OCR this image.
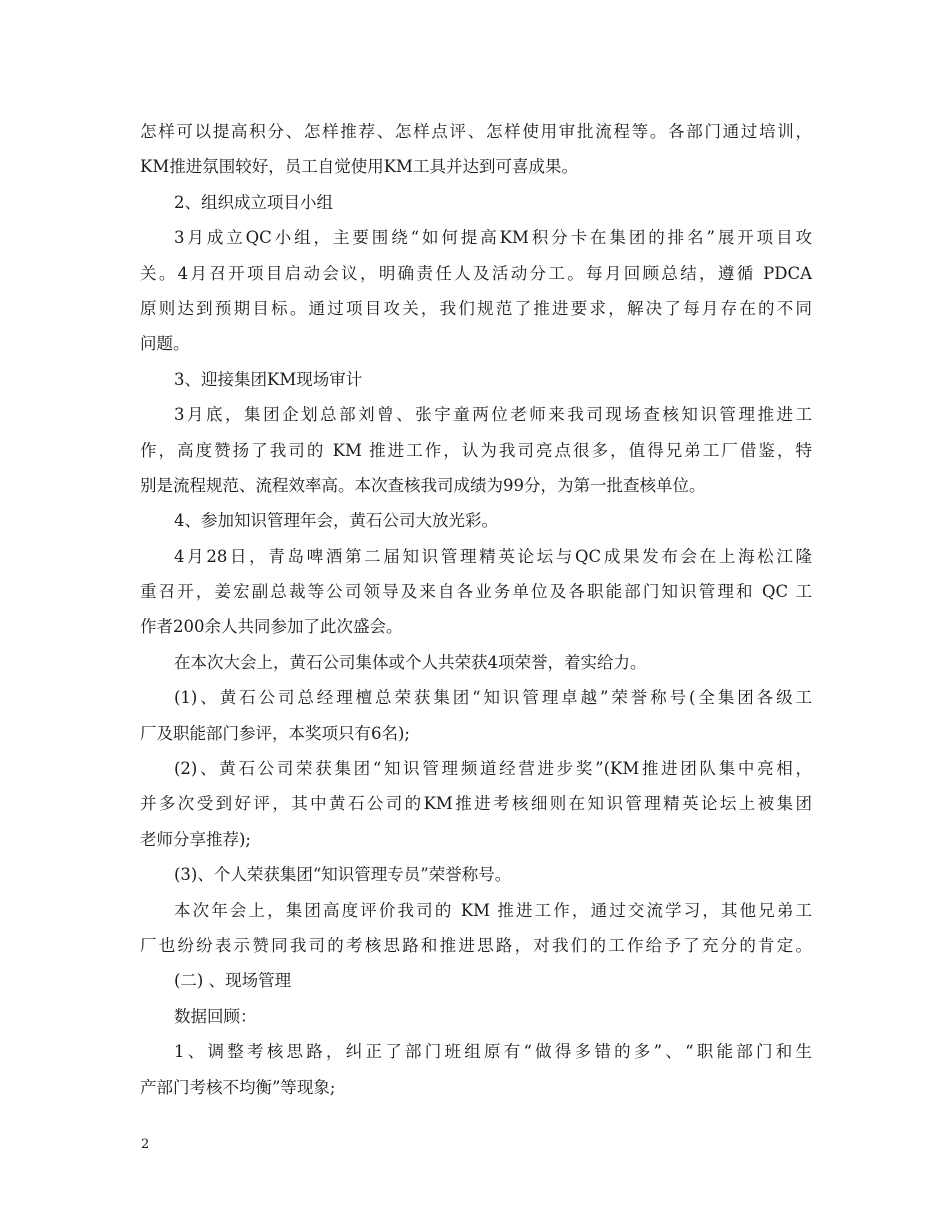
怎样可以提高积分、怎样推荐、怎样点评、怎样使用审批流程等。各部门通过培训，
KM推进氛围较好，员工自觉使用KM工具并达到可喜成果。
2、组织成立项目小组
3月成立QC小组，主要围绕“如何提高KM积分卡在集团的排名”展开项目攻
关。4月召开项目启动会议，明确责任人及活动分工。每月回顾总结，遵循 PDCA
原则达到预期目标。通过项目攻关，我们规范了推进要求，解决了每月存在的不同
问题。
3、迎接集团KM现场审计
3月底，集团企划总部刘曾、张宇童两位老师来我司现场查核知识管理推进工
作，高度赞扬了我司的 KM 推进工作，认为我司亮点很多，值得兄弟工厂借鉴，特
别是流程规范、流程效率高。本次查核我司成绩为99分，为第一批查核单位。
4、参加知识管理年会，黄石公司大放光彩。
4月28日，青岛啤酒第二届知识管理精英论坛与QC成果发布会在上海松江隆
重召开，姜宏副总裁等公司领导及来自各业务单位及各职能部门知识管理和 QC 工
作者200余人共同参加了此次盛会。
在本次大会上，黄石公司集体或个人共荣获4项荣誉，着实给力。
(1)、黄石公司总经理檀总荣获集团“知识管理卓越”荣誉称号(全集团各级工
厂及职能部门参评，本奖项只有6名);
(2)、黄石公司荣获集团“知识管理频道经营进步奖”(KM推进团队集中亮相，
并多次受到好评，其中黄石公司的KM推进考核细则在知识管理精英论坛上被集团
老师分享推荐);
(3)、个人荣获集团“知识管理专员”荣誉称号。
本次年会上，集团高度评价我司的 KM 推进工作，通过交流学习，其他兄弟工
厂也纷纷表示赞同我司的考核思路和推进思路，对我们的工作给予了充分的肯定。
(二) 、现场管理
数据回顾：
1、调整考核思路，纠正了部门班组原有“做得多错的多”、“职能部门和生
产部门考核不均衡”等现象;
2
